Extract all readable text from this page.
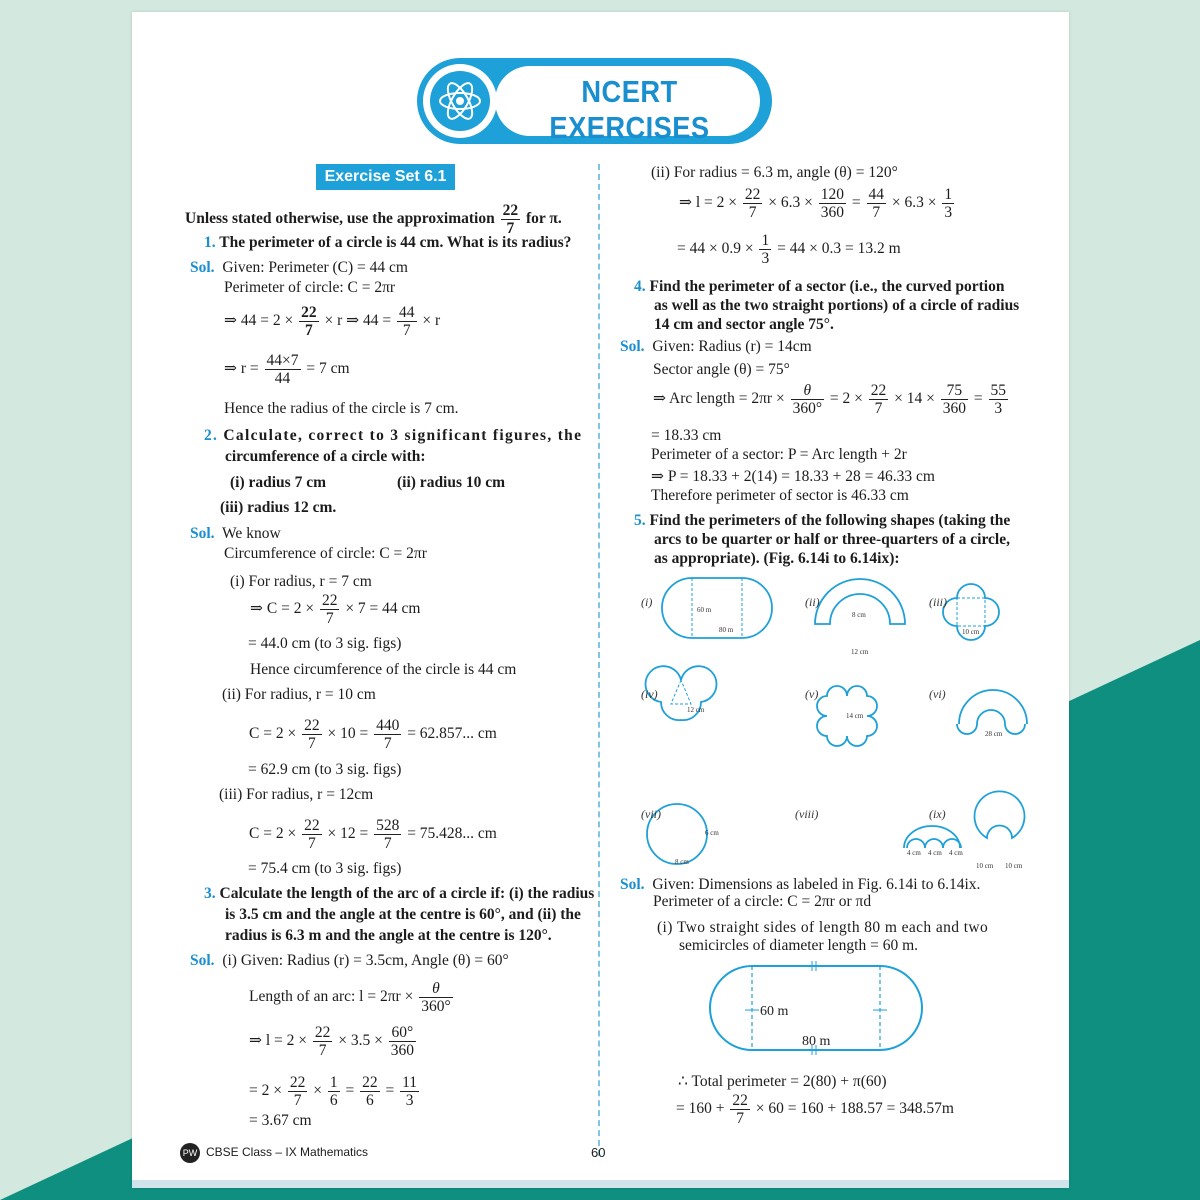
NCERT EXERCISES
Exercise Set 6.1
Unless stated otherwise, use the approximation $\frac{22}{7}$ for π.
1. The perimeter of a circle is 44 cm. What is its radius?
Sol. Given: Perimeter (C) = 44 cm
Perimeter of circle: C = 2πr
⇒ $44 = 2 \times \frac{22}{7} \times r$ ⇒ $44 = \frac{44}{7} \times r$
⇒ $r = \frac{44\times 7}{44} = 7$ cm
Hence the radius of the circle is 7 cm.
2. Calculate, correct to 3 significant figures, the
circumference of a circle with:
(i) radius 7 cm	(ii) radius 10 cm
(iii) radius 12 cm.
Sol. We know
Circumference of circle: C = 2πr
(i) For radius, r = 7 cm
⇒ $C = 2 \times \frac{22}{7} \times 7 = 44$ cm
= 44.0 cm (to 3 sig. figs)
Hence circumference of the circle is 44 cm
(ii) For radius, r = 10 cm
$C = 2 \times \frac{22}{7} \times 10 = \frac{440}{7} = 62.857$... cm
= 62.9 cm (to 3 sig. figs)
(iii) For radius, r = 12cm
$C = 2 \times \frac{22}{7} \times 12 = \frac{528}{7} = 75.428$... cm
= 75.4 cm (to 3 sig. figs)
3. Calculate the length of the arc of a circle if: (i) the radius
is 3.5 cm and the angle at the centre is 60°, and (ii) the
radius is 6.3 m and the angle at the centre is 120°.
Sol. (i) Given: Radius (r) = 3.5cm, Angle (θ) = 60°
Length of an arc: $l = 2\pi r \times \frac{\theta}{360^\circ}$
⇒ $l = 2 \times \frac{22}{7} \times 3.5 \times \frac{60^\circ}{360}$
= $2 \times \frac{22}{7} \times \frac{1}{6} = \frac{22}{6} = \frac{11}{3}$
= 3.67 cm
(ii) For radius = 6.3 m, angle (θ) = 120°
⇒ $l = 2 \times \frac{22}{7} \times 6.3 \times \frac{120}{360} = \frac{44}{7} \times 6.3 \times \frac{1}{3}$
= $44 \times 0.9 \times \frac{1}{3} = 44 \times 0.3 = 13.2$ m
4. Find the perimeter of a sector (i.e., the curved portion
as well as the two straight portions) of a circle of radius
14 cm and sector angle 75°.
Sol. Given: Radius (r) = 14cm
Sector angle (θ) = 75°
⇒ Arc length = $2\pi r \times \frac{\theta}{360^\circ} = 2 \times \frac{22}{7} \times 14 \times \frac{75}{360} = \frac{55}{3}$
= 18.33 cm
Perimeter of a sector: P = Arc length + 2r
⇒ P = 18.33 + 2(14) = 18.33 + 28 = 46.33 cm
Therefore perimeter of sector is 46.33 cm
5. Find the perimeters of the following shapes (taking the
arcs to be quarter or half or three-quarters of a circle,
as appropriate). (Fig. 6.14i to 6.14ix):
(i)	(ii)	(iii)
(iv)	(v)	(vi)
(vii)	(viii)	(ix)
60 m
80 m
8 cm
12 cm
10 cm
12 cm
14 cm
28 cm
6 cm
8 cm
4 cm 4 cm 4 cm
10 cm 10 cm
Sol. Given: Dimensions as labeled in Fig. 6.14i to 6.14ix.
Perimeter of a circle: C = 2πr or πd
(i) Two straight sides of length 80 m each and two
semicircles of diameter length = 60 m.
60 m
80 m
∴ Total perimeter = 2(80) + π(60)
= $160 + \frac{22}{7} \times 60 = 160 + 188.57 = 348.57m$
PW CBSE Class – IX Mathematics	60
